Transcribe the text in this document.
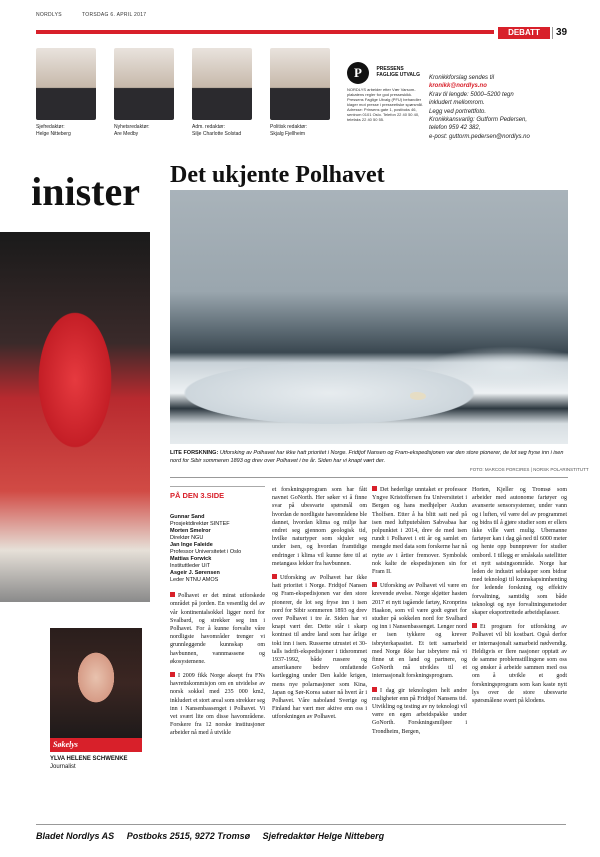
NORDLYS	TORSDAG 6. APRIL 2017
DEBATT	39
Sjefredaktør:
Helge Nitteberg
Nyhetsredaktør:
Are Medby
Adm. redaktør:
Silje Charlotte Solstad
Politisk redaktør:
Skjalg Fjellheim
P	PRESSENS
FAGLIGE UTVALG
NORDLYS arbeider etter Vær Varsom-plakatens regler for god presseskikk. Pressens Faglige Utvalg (PFU) behandler klager mot presse i presseetiske spørsmål. Adresse: Prinsens gate 1, postboks 46, sentrum 0101 Oslo. Telefon 22 40 50 40, telefaks 22 40 50 55.
Kronikkforslag sendes til
kronikk@nordlys.no
Krav til lengde: 5000–5200 tegn
inkludert mellomrom.
Legg ved portrettfoto.
Kronikkansvarlig: Gutform Pedersen,
telefon 959 42 382,
e-post: guttorm.pedersen@nordlys.no
inister	Det ukjente Polhavet
LITE FORSKNING: Utforsking av Polhavet har ikke hatt prioritet i Norge. Fridtjof Nansen og Fram-ekspedisjonen var den store pionerer, de lot seg fryse inn i isen nord for Sibir sommeren 1893 og drev over Polhavet i tre år. Siden har vi knapt vært der.
FOTO: MARCOS PORCIRES | NORSK POLARINSTITUTT
PÅ DEN 3.SIDE
Gunnar Sand
Prosjektdirektør SINTEF
Morten Smelror
Direktør NGU
Jan Inge Faleide
Professor Universitetet i Oslo
Mattias Forwick
Instituttleder UiT
Asgeir J. Sørensen
Leder NTNU AMOS

Polhavet er det minst utforskede området på jorden. En vesentlig del av vår kontinentalsokkel ligger nord for Svalbard, og strekker seg inn i Polhavet. For å kunne forvalte våre nordligste havområder trenger vi grunnleggende kunnskap om havbunnen, vannmassene og økosystemene.

I 2009 fikk Norge aksept fra FNs havrettskommisjon om en utvidelse av norsk sokkel med 235 000 km2, inkludert et stort areal som strekker seg inn i Nansenbassenget i Polhavet. Vi vet svært lite om disse havområdene. Forskere fra 12 norske institusjoner arbeider nå med å utvikle

et forskningsprogram som har fått navnet GoNorth. Her søker vi å finne svar på ubesvarte spørsmål om hvordan de nordligste havområdene ble dannet, hvordan klima og miljø har endret seg gjennom geologisk tid, hvilke naturtyper som skjuler seg under isen, og hvordan framtidige endringer i klima vil kunne føre til at metangass lekker fra havbunnen.

Utforsking av Polhavet har ikke hatt prioritet i Norge. Fridtjof Nansen og Fram-ekspedisjonen var den store pionerer, de lot seg fryse inn i isen nord for Sibir sommeren 1893 og drev over Polhavet i tre år. Siden har vi knapt vært der. Dette står i skarp kontrast til andre land som har årlige tokt inn i isen. Russerne utrustet et 30-talls isdrift-ekspedisjoner i tidsrommet 1937-1992, både russere og amerikanere bedrev omfattende kartlegging under Den kalde krigen, mens nye polarnasjoner som Kina, Japan og Sør-Korea satser nå hvert år i Polhavet. Våre naboland Sverige og Finland har vært mer aktive enn oss i utforskningen av Polhavet.

Det hederlige unntaket er professor Yngve Kristoffersen fra Universitetet i Bergen og hans medhjelper Audun Tholfsen. Etter å ha blitt satt ned på isen med luftputebåten Sabvabaa har polpunktet i 2014, drev de med isen rundt i Polhavet i ett år og samlet en mengde med data som forskerne har nå nytte av i årtier fremover. Symbolsk nok kalte de ekspedisjonen sin for Fram II.

Utforsking av Polhavet vil være en krevende øvelse. Norge skjøtter hasten 2017 et nytt isgående fartøy, Kronprins Haakon, som vil være godt egnet for studier på sokkelen nord for Svalbard og inn i Nansenbassenget. Lenger nord er isen tykkere og krever isbryterkapasitet. Et tett samarbeid med Norge ikke har isbrytere må vi finne ut en land og partnere, og GoNorth må utvikles til et internasjonalt forskningsprogram.

I dag gir teknologien helt andre muligheter enn på Fridtjof Nansens tid. Utvikling og testing av ny teknologi vil være en egen arbeidspakke under GoNorth. Forskningsmiljøer i Trondheim, Bergen,

Horten, Kjeller og Tromsø som arbeider med autonome fartøyer og avanserte sensorsystemer, under vann og i luften, vil være del av programmet og bidra til å gjøre studier som er ellers ikke ville vært mulig. Ubemanne fartøyer kan i dag gå ned til 6000 meter og hente opp bunnprøver for studier ombord. I tillegg er småskala satellitter et nytt satsingsområde. Norge har leden de industri selskaper som bidrar med teknologi til kunnskapsinnhenting for ledende forskning og effektiv forvaltning, samtidig som både teknologi og nye forvaltningsmetoder skaper eksportrettede arbeidsplasser.

Et program for utforsking av Polhavet vil bli kostbart. Også derfor er internasjonalt samarbeid nødvendig. Heldigvis er flere nasjoner opptatt av de samme problemstillingene som oss og ønsker å arbeide sammen med oss om å utvikle et godt forskningsprogram som kan kaste nytt lys over de store ubesvarte spørsmålene svært på klodens.

Søkelys
YLVA HELENE SCHWENKE
Journalist
Bladet Nordlys AS Postboks 2515, 9272 Tromsø Sjefredaktør Helge Nitteberg
